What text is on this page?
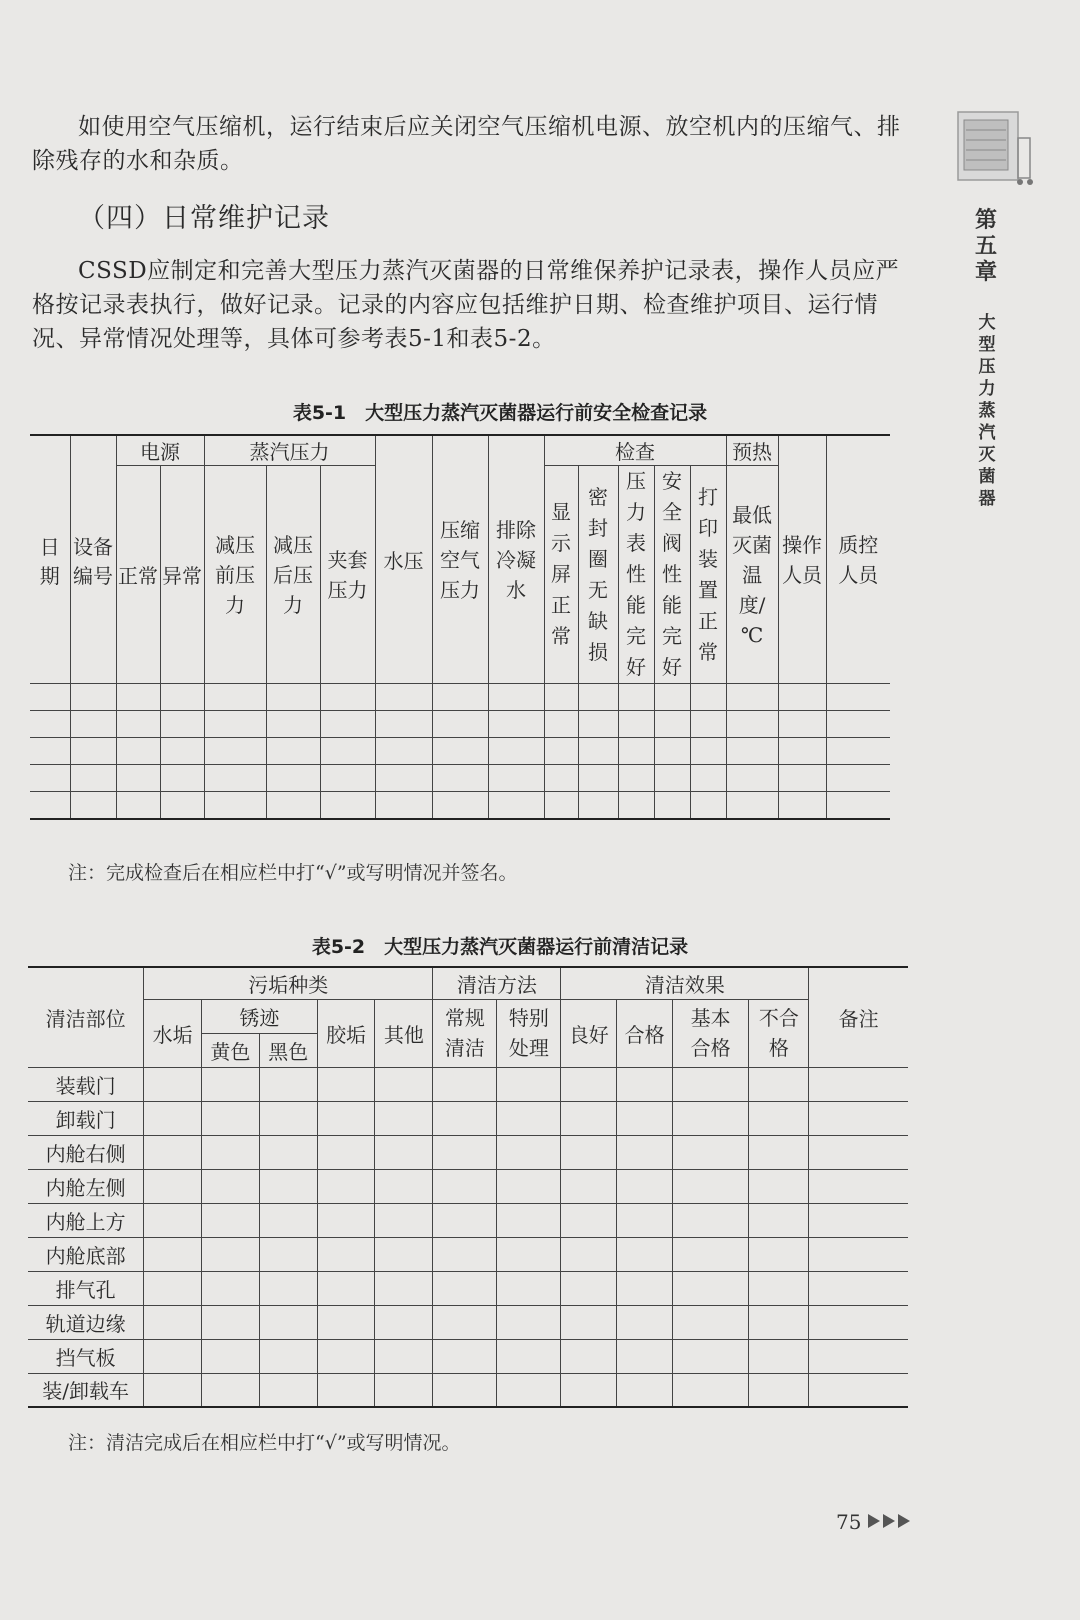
如使用空气压缩机，运行结束后应关闭空气压缩机电源、放空机内的压缩气、排除残存的水和杂质。
（四）日常维护记录
CSSD应制定和完善大型压力蒸汽灭菌器的日常维保养护记录表，操作人员应严格按记录表执行，做好记录。记录的内容应包括维护日期、检查维护项目、运行情况、异常情况处理等，具体可参考表5-1和表5-2。
表5-1　大型压力蒸汽灭菌器运行前安全检查记录
日期	设备编号	电源		蒸汽压力			水压	压缩空气压力	排除冷凝水	检查					预热	操作人员	质控人员

		正常	异常	减压前压力	减压后压力	夹套压力				显示屏正常	密封圈无缺损	压力表性能完好	安全阀性能完好	打印装置正常	最低灭菌温度/℃		

注：完成检查后在相应栏中打“√”或写明情况并签名。
表5-2　大型压力蒸汽灭菌器运行前清洁记录
清洁部位	污垢种类					清洁方法		清洁效果				备注
	水垢	锈迹		胶垢	其他	常规清洁	特别处理	良好	合格	基本合格	不合格	

		黄色	黑色									
装载门												
卸载门												
内舱右侧												
内舱左侧												
内舱上方												
内舱底部												
排气孔												
轨道边缘												
挡气板												
装/卸载车												
注：清洁完成后在相应栏中打“√”或写明情况。
第五章
大型压力蒸汽灭菌器
75
